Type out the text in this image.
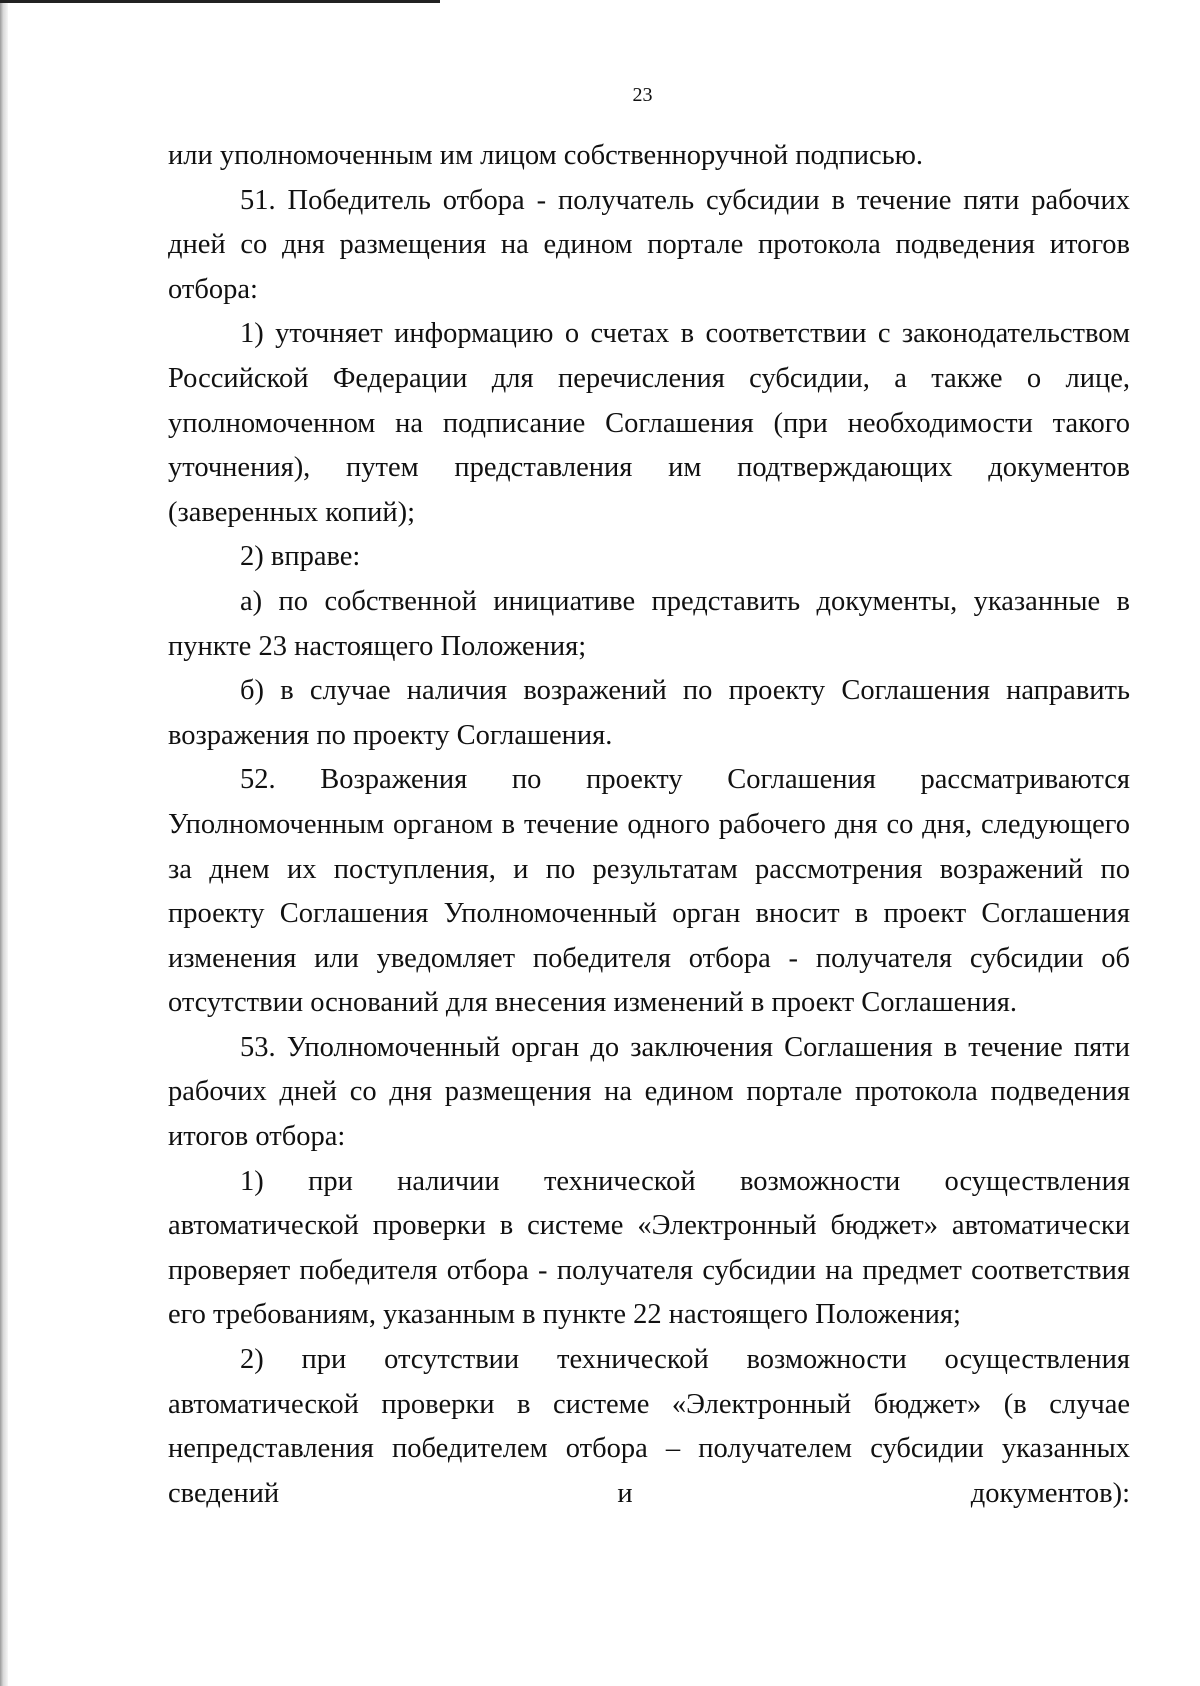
23

или уполномоченным им лицом собственноручной подписью.

51. Победитель отбора - получатель субсидии в течение пяти рабочих дней со дня размещения на едином портале протокола подведения итогов отбора:

1) уточняет информацию о счетах в соответствии с законодательством Российской Федерации для перечисления субсидии, а также о лице, уполномоченном на подписание Соглашения (при необходимости такого уточнения), путем представления им подтверждающих документов (заверенных копий);

2) вправе:

а) по собственной инициативе представить документы, указанные в пункте 23 настоящего Положения;

б) в случае наличия возражений по проекту Соглашения направить возражения по проекту Соглашения.

52. Возражения по проекту Соглашения рассматриваются Уполномоченным органом в течение одного рабочего дня со дня, следующего за днем их поступления, и по результатам рассмотрения возражений по проекту Соглашения Уполномоченный орган вносит в проект Соглашения изменения или уведомляет победителя отбора - получателя субсидии об отсутствии оснований для внесения изменений в проект Соглашения.

53. Уполномоченный орган до заключения Соглашения в течение пяти рабочих дней со дня размещения на едином портале протокола подведения итогов отбора:

1) при наличии технической возможности осуществления автоматической проверки в системе «Электронный бюджет» автоматически проверяет победителя отбора - получателя субсидии на предмет соответствия его требованиям, указанным в пункте 22 настоящего Положения;

2) при отсутствии технической возможности осуществления автоматической проверки в системе «Электронный бюджет» (в случае непредставления победителем отбора – получателем субсидии указанных сведений и документов):
